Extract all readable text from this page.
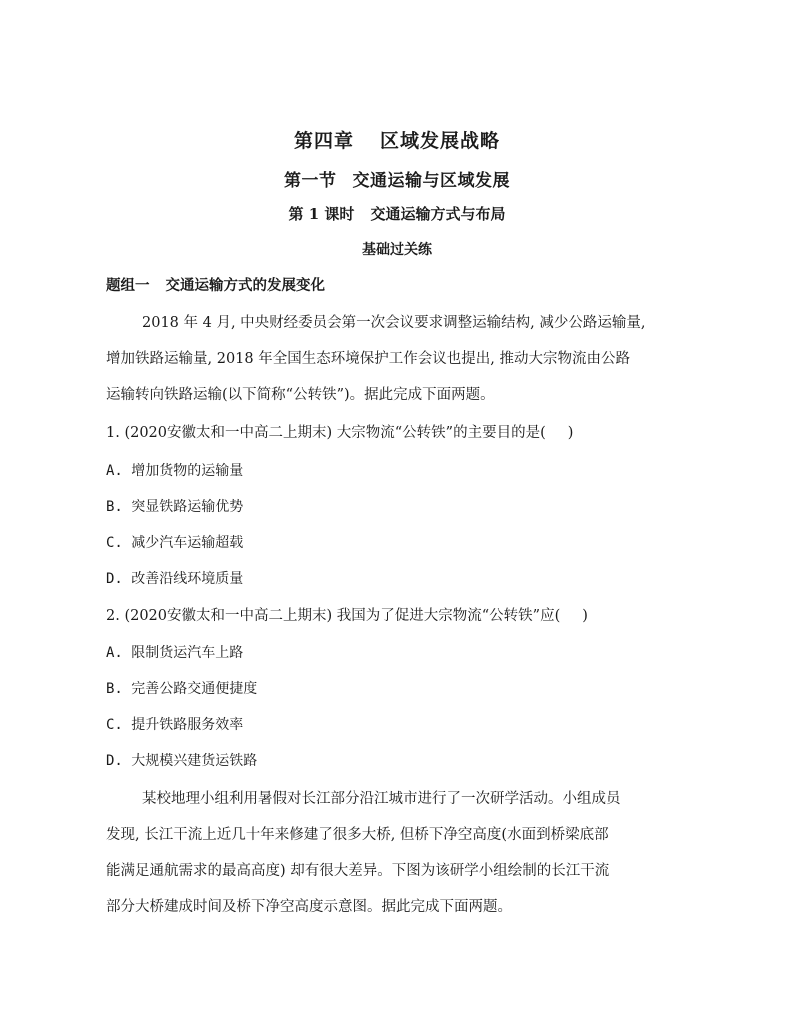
第四章 区域发展战略
第一节 交通运输与区域发展
第 1 课时 交通运输方式与布局
基础过关练
题组一 交通运输方式的发展变化
2018 年 4 月, 中央财经委员会第一次会议要求调整运输结构, 减少公路运输量,
增加铁路运输量, 2018 年全国生态环境保护工作会议也提出, 推动大宗物流由公路
运输转向铁路运输(以下简称“公转铁”)。据此完成下面两题。
1. (2020安徽太和一中高二上期末) 大宗物流“公转铁”的主要目的是( )
A. 增加货物的运输量
B. 突显铁路运输优势
C. 减少汽车运输超载
D. 改善沿线环境质量
2. (2020安徽太和一中高二上期末) 我国为了促进大宗物流“公转铁”应( )
A. 限制货运汽车上路
B. 完善公路交通便捷度
C. 提升铁路服务效率
D. 大规模兴建货运铁路
某校地理小组利用暑假对长江部分沿江城市进行了一次研学活动。小组成员
发现, 长江干流上近几十年来修建了很多大桥, 但桥下净空高度(水面到桥梁底部
能满足通航需求的最高高度) 却有很大差异。下图为该研学小组绘制的长江干流
部分大桥建成时间及桥下净空高度示意图。据此完成下面两题。
